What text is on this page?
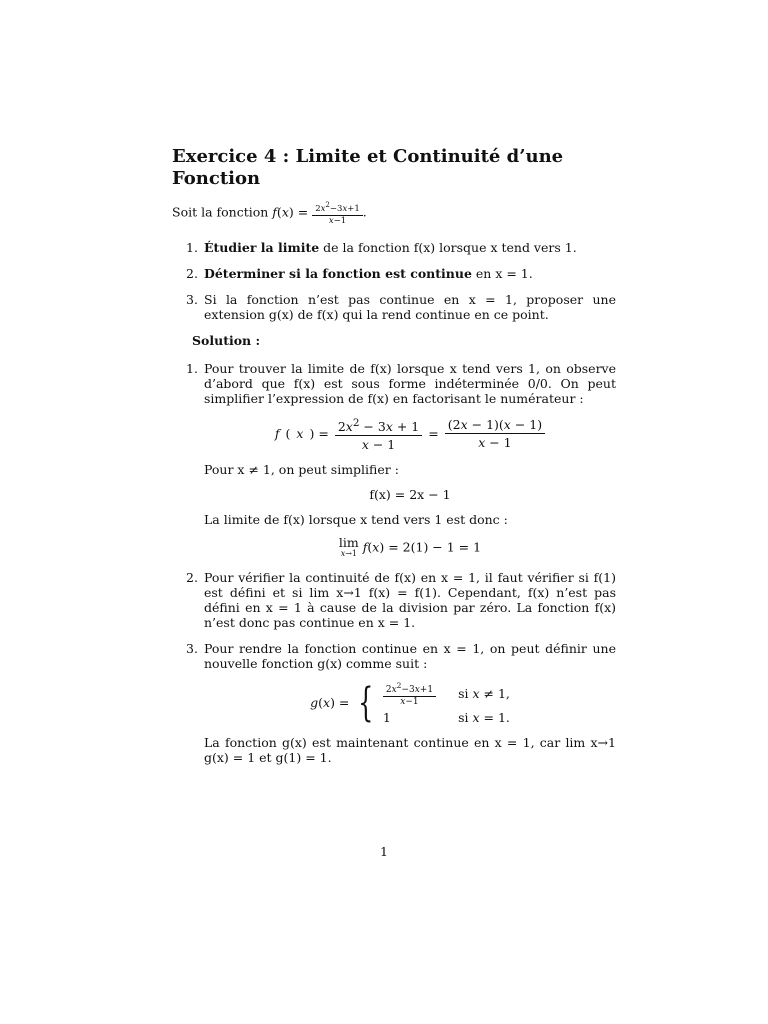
Exercice 4 : Limite et Continuité d’une Fonction
Soit la fonction $f(x) = \frac{2x^2-3x+1}{x-1}$ .
1. Étudier la limite de la fonction f(x) lorsque x tend vers 1.
2. Déterminer si la fonction est continue en x = 1.
3. Si la fonction n’est pas continue en x = 1, proposer une extension g(x) de f(x) qui la rend continue en ce point.
Solution :
1. Pour trouver la limite de f(x) lorsque x tend vers 1, on observe d’abord que f(x) est sous forme indéterminée 0/0. On peut simplifier l’expression de f(x) en factorisant le numérateur :
f ( x ) = $\frac{2x^2 - 3x + 1}{x - 1} = \frac{(2x - 1)(x - 1)}{x - 1}$
Pour x ≠ 1, on peut simplifier :
f(x) = 2x − 1
La limite de f(x) lorsque x tend vers 1 est donc :
lim
x→1 f(x) = 2(1) − 1 = 1
2. Pour vérifier la continuité de f(x) en x = 1, il faut vérifier si f(1) est défini et si lim x→1 f(x) = f(1). Cependant, f(x) n’est pas défini en x = 1 à cause de la division par zéro. La fonction f(x) n’est donc pas continue en x = 1.
3. Pour rendre la fonction continue en x = 1, on peut définir une nouvelle fonction g(x) comme suit :
g(x) = { $\frac{2x^2-3x+1}{x-1}$ si x ≠ 1,
1	si x = 1.
La fonction g(x) est maintenant continue en x = 1, car lim x→1 g(x) = 1 et g(1) = 1.
1
